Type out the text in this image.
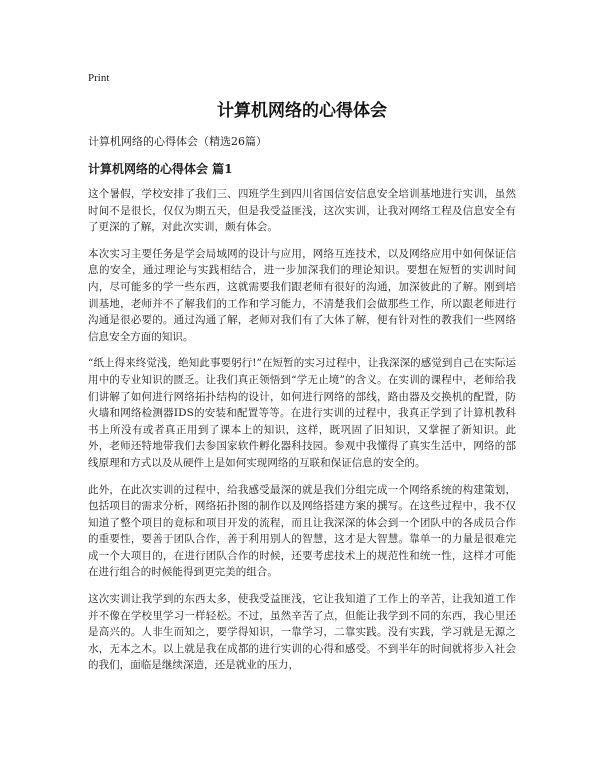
Print
计算机网络的心得体会

计算机网络的心得体会（精选26篇）

计算机网络的心得体会 篇1

这个暑假，学校安排了我们三、四班学生到四川省国信安信息安全培训基地进行实训，虽然时间不是很长，仅仅为期五天，但是我受益匪浅，这次实训，让我对网络工程及信息安全有了更深的了解，对此次实训，颇有体会。

本次实习主要任务是学会局域网的设计与应用，网络互连技术，以及网络应用中如何保证信息的安全，通过理论与实践相结合，进一步加深我们的理论知识。要想在短暂的实训时间内，尽可能多的学一些东西，这就需要我们跟老师有很好的沟通，加深彼此的了解。刚到培训基地，老师并不了解我们的工作和学习能力，不清楚我们会做那些工作，所以跟老师进行沟通是很必要的。通过沟通了解，老师对我们有了大体了解，便有针对性的教我们一些网络信息安全方面的知识。

“纸上得来终觉浅，绝知此事要躬行!”在短暂的实习过程中，让我深深的感觉到自己在实际运用中的专业知识的匮乏。让我们真正领悟到“学无止境”的含义。在实训的课程中，老师给我们讲解了如何进行网络拓扑结构的设计，如何进行网络的部线，路由器及交换机的配置，防火墙和网络检测器IDS的安装和配置等等。在进行实训的过程中，我真正学到了计算机教科书上所没有或者真正用到了课本上的知识，这样，既巩固了旧知识，又掌握了新知识。此外，老师还特地带我们去参国家软件孵化器科技园。参观中我懂得了真实生活中，网络的部线原理和方式以及从硬件上是如何实现网络的互联和保证信息的安全的。

此外，在此次实训的过程中，给我感受最深的就是我们分组完成一个网络系统的构建策划，包括项目的需求分析，网络拓扑图的制作以及网络搭建方案的撰写。在这些过程中，我不仅知道了整个项目的竟标和项目开发的流程，而且让我深深的体会到一个团队中的各成员合作的重要性，要善于团队合作，善于利用别人的智慧，这才是大智慧。靠单一的力量是很难完成一个大项目的，在进行团队合作的时候，还要考虑技术上的规范性和统一性，这样才可能在进行组合的时候能得到更完美的组合。

这次实训让我学到的东西太多，使我受益匪浅，它让我知道了工作上的辛苦，让我知道工作并不像在学校里学习一样轻松。不过，虽然辛苦了点，但能让我学到不同的东西，我心里还是高兴的。人非生而知之，要学得知识，一靠学习，二靠实践。没有实践，学习就是无源之水，无本之木。以上就是我在成都的进行实训的心得和感受。不到半年的时间就将步入社会的我们，面临是继续深造，还是就业的压力，
